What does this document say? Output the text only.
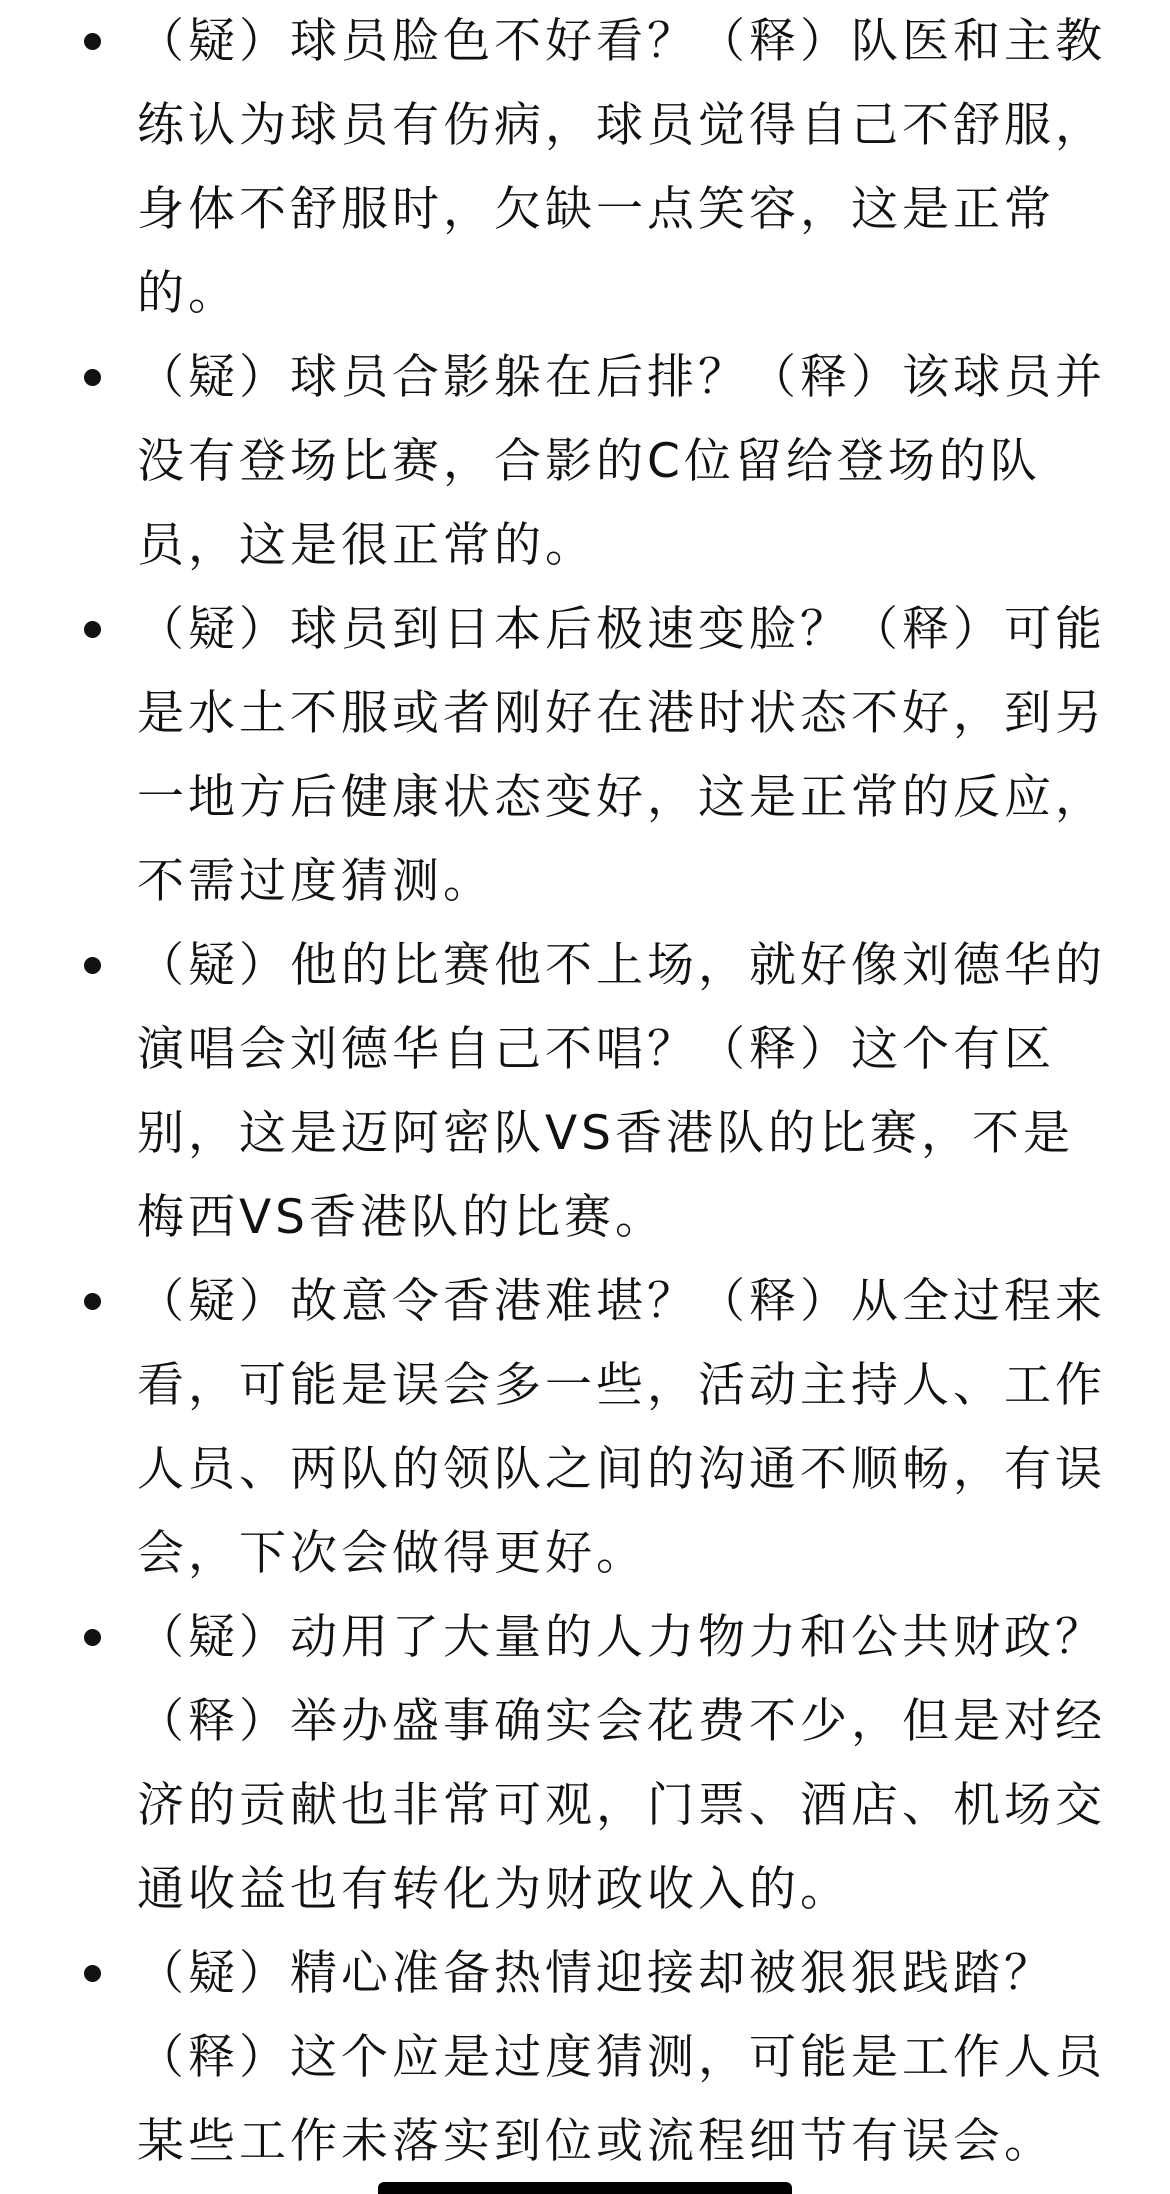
（疑）球员脸色不好看？（释）队医和主教练认为球员有伤病，球员觉得自己不舒服，身体不舒服时，欠缺一点笑容，这是正常的。
（疑）球员合影躲在后排？（释）该球员并没有登场比赛，合影的C位留给登场的队员，这是很正常的。
（疑）球员到日本后极速变脸？（释）可能是水土不服或者刚好在港时状态不好，到另一地方后健康状态变好，这是正常的反应，不需过度猜测。
（疑）他的比赛他不上场，就好像刘德华的演唱会刘德华自己不唱？（释）这个有区别，这是迈阿密队VS香港队的比赛，不是梅西VS香港队的比赛。
（疑）故意令香港难堪？（释）从全过程来看，可能是误会多一些，活动主持人、工作人员、两队的领队之间的沟通不顺畅，有误会，下次会做得更好。
（疑）动用了大量的人力物力和公共财政？（释）举办盛事确实会花费不少，但是对经济的贡献也非常可观，门票、酒店、机场交通收益也有转化为财政收入的。
（疑）精心准备热情迎接却被狠狠践踏？（释）这个应是过度猜测，可能是工作人员某些工作未落实到位或流程细节有误会。
